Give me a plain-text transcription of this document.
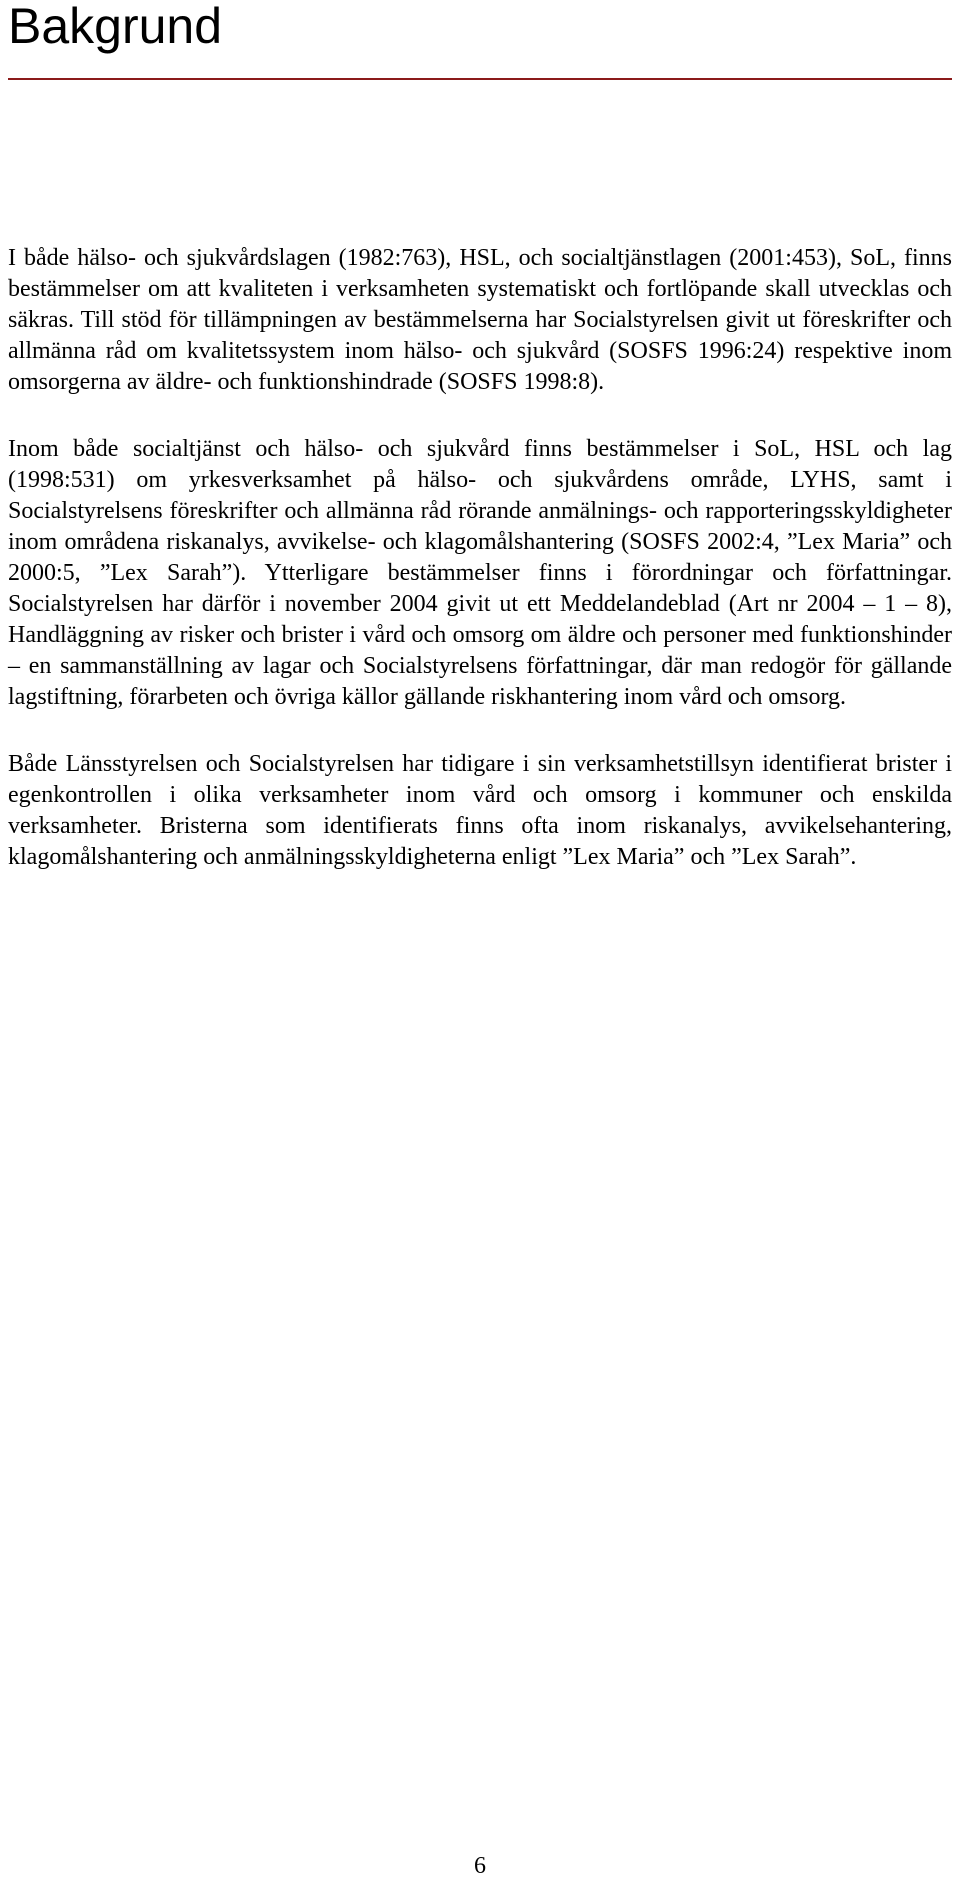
Bakgrund

I både hälso- och sjukvårdslagen (1982:763), HSL, och socialtjänstlagen (2001:453), SoL, finns bestämmelser om att kvaliteten i verksamheten systematiskt och fortlöpande skall utvecklas och säkras. Till stöd för tillämpningen av bestämmelserna har Socialstyrelsen givit ut föreskrifter och allmänna råd om kvalitetssystem inom hälso- och sjukvård (SOSFS 1996:24) respektive inom omsorgerna av äldre- och funktionshindrade (SOSFS 1998:8).

Inom både socialtjänst och hälso- och sjukvård finns bestämmelser i SoL, HSL och lag (1998:531) om yrkesverksamhet på hälso- och sjukvårdens område, LYHS, samt i Socialstyrelsens föreskrifter och allmänna råd rörande anmälnings- och rapporteringsskyldigheter inom områdena riskanalys, avvikelse- och klagomålshantering (SOSFS 2002:4, ”Lex Maria” och 2000:5, ”Lex Sarah”). Ytterligare bestämmelser finns i förordningar och författningar. Socialstyrelsen har därför i november 2004 givit ut ett Meddelandeblad (Art nr 2004 – 1 – 8), Handläggning av risker och brister i vård och omsorg om äldre och personer med funktionshinder – en sammanställning av lagar och Socialstyrelsens författningar, där man redogör för gällande lagstiftning, förarbeten och övriga källor gällande riskhantering inom vård och omsorg.

Både Länsstyrelsen och Socialstyrelsen har tidigare i sin verksamhetstillsyn identifierat brister i egenkontrollen i olika verksamheter inom vård och omsorg i kommuner och enskilda verksamheter. Bristerna som identifierats finns ofta inom riskanalys, avvikelsehantering, klagomålshantering och anmälningsskyldigheterna enligt ”Lex Maria” och ”Lex Sarah”.

6
